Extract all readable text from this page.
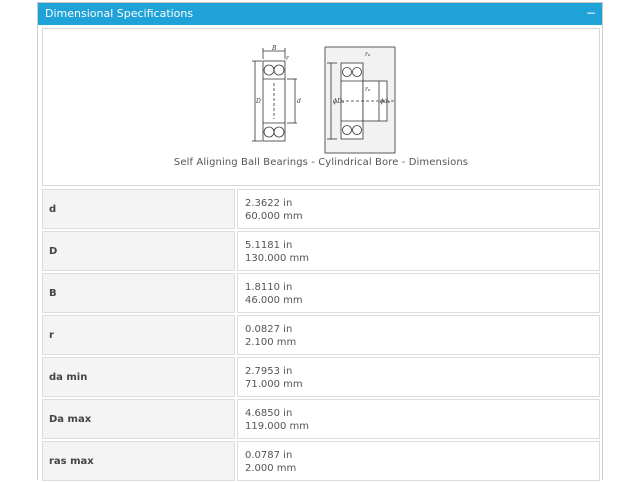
Dimensional Specifications	−
B
r
D	d	ϕDₐ	ϕdₐ
rₐ
rₐ
Self Aligning Ball Bearings - Cylindrical Bore - Dimensions
d	2.3622 in
60.000 mm
D	5.1181 in
130.000 mm
B	1.8110 in
46.000 mm
r	0.0827 in
2.100 mm
da min	2.7953 in
71.000 mm
Da max	4.6850 in
119.000 mm
ras max	0.0787 in
2.000 mm
